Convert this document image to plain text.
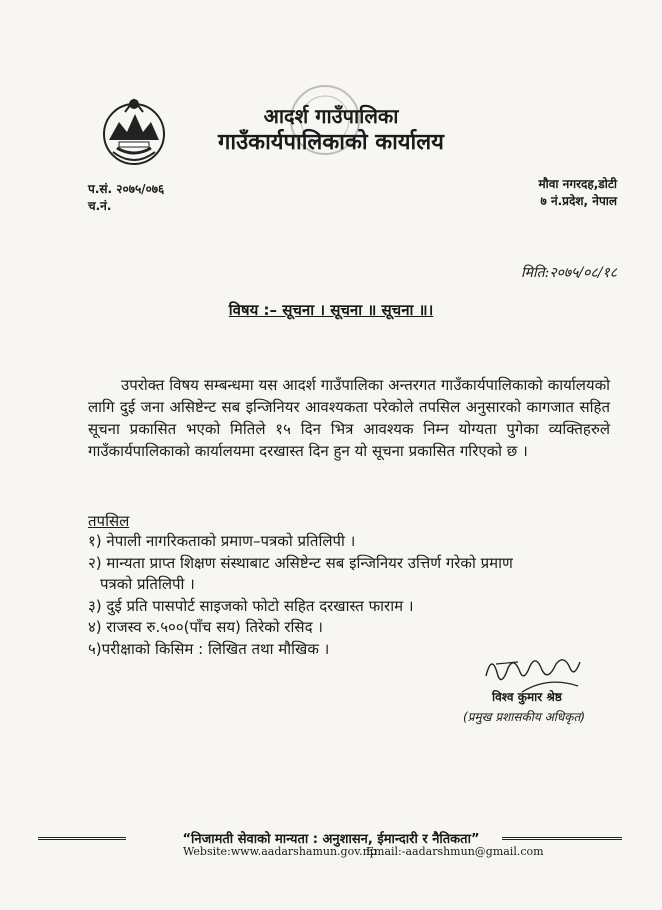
आदर्श गाउँपालिका
गाउँकार्यपालिकाको कार्यालय
प.सं. २०७५/०७६
च.नं.
मौवा नगरदह,डोटी
७ नं.प्रदेश, नेपाल
मिति:२०७५/०८/१८
विषय :– सूचना । सूचना ॥ सूचना ॥।

उपरोक्त विषय सम्बन्धमा यस आदर्श गाउँपालिका अन्तरगत गाउँकार्यपालिकाको कार्यालयको लागि दुई जना असिष्टेन्ट सब इन्जिनियर आवश्यकता परेकोले तपसिल अनुसारको कागजात सहित सूचना प्रकासित भएको मितिले १५ दिन भित्र आवश्यक निम्न योग्यता पुगेका व्यक्तिहरुले गाउँकार्यपालिकाको कार्यालयमा दरखास्त दिन हुन यो सूचना प्रकासित गरिएको छ ।

तपसिल
१) नेपाली नागरिकताको प्रमाण–पत्रको प्रतिलिपी ।
२) मान्यता प्राप्त शिक्षण संस्थाबाट असिष्टेन्ट सब इन्जिनियर उत्तिर्ण गरेको प्रमाण
पत्रको प्रतिलिपी ।
३) दुई प्रति पासपोर्ट साइजको फोटो सहित दरखास्त फाराम ।
४) राजस्व रु.५००(पाँच सय) तिरेको रसिद ।
५)परीक्षाको किसिम : लिखित तथा मौखिक ।
विश्व कुमार श्रेष्ठ
(प्रमुख प्रशासकीय अधिकृत)
“निजामती सेवाको मान्यता : अनुशासन, ईमान्दारी र नैतिकता”
Website:www.aadarshamun.gov.np
Email:-aadarshmun@gmail.com
